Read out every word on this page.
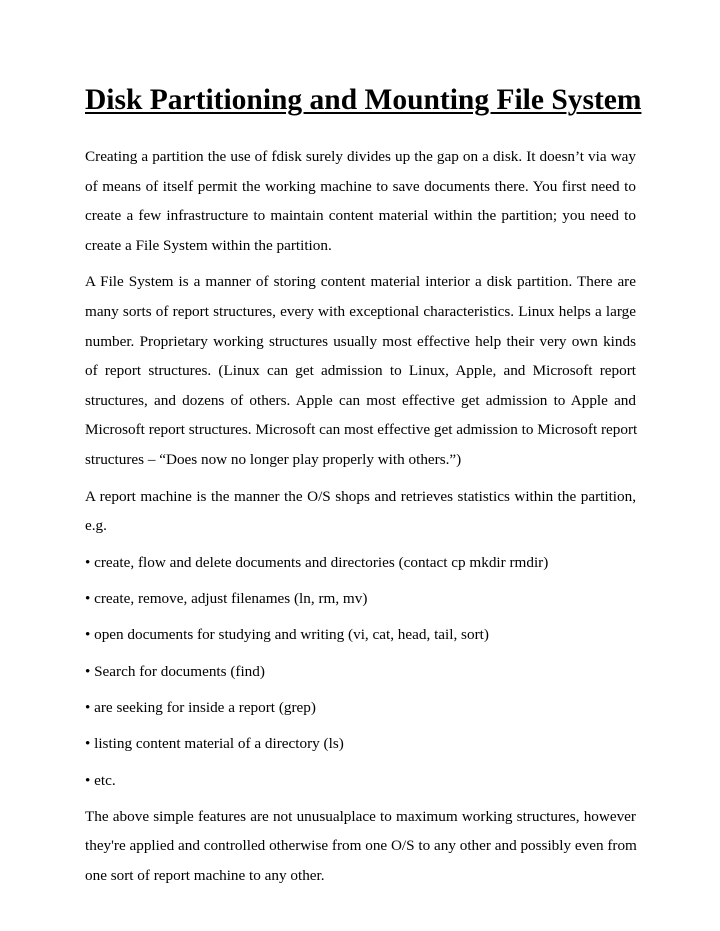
Disk Partitioning and Mounting File System

Creating a partition the use of fdisk surely divides up the gap on a disk. It doesn’t via way
of means of itself permit the working machine to save documents there. You first need to
create a few infrastructure to maintain content material within the partition; you need to
create a File System within the partition.

A File System is a manner of storing content material interior a disk partition. There are
many sorts of report structures, every with exceptional characteristics. Linux helps a large
number. Proprietary working structures usually most effective help their very own kinds
of report structures. (Linux can get admission to Linux, Apple, and Microsoft report
structures, and dozens of others. Apple can most effective get admission to Apple and
Microsoft report structures. Microsoft can most effective get admission to Microsoft report
structures – “Does now no longer play properly with others.”)

A report machine is the manner the O/S shops and retrieves statistics within the partition,
e.g.

• create, flow and delete documents and directories (contact cp mkdir rmdir)

• create, remove, adjust filenames (ln, rm, mv)

• open documents for studying and writing (vi, cat, head, tail, sort)

• Search for documents (find)

• are seeking for inside a report (grep)

• listing content material of a directory (ls)

• etc.

The above simple features are not unusualplace to maximum working structures, however
they're applied and controlled otherwise from one O/S to any other and possibly even from
one sort of report machine to any other.
